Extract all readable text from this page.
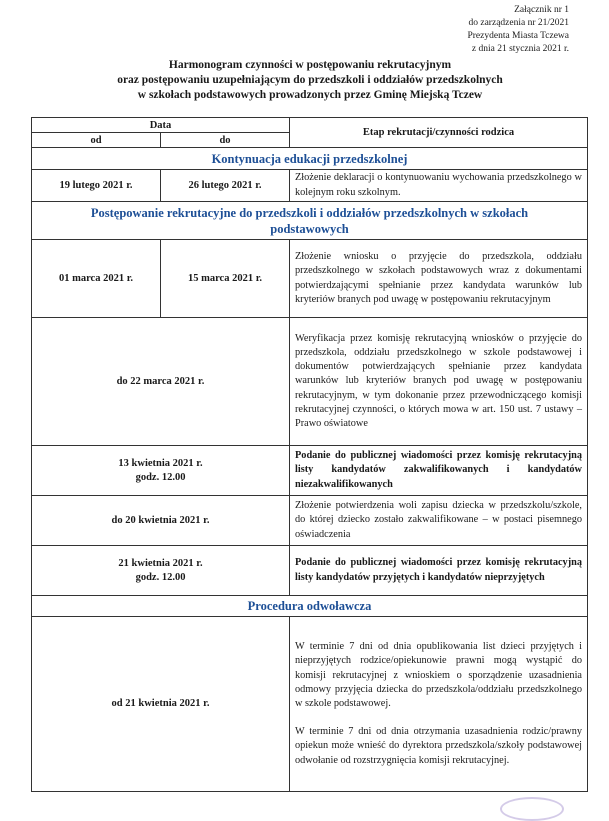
Załącznik nr 1
do zarządzenia nr 21/2021
Prezydenta Miasta Tczewa
z dnia 21 stycznia 2021 r.
Harmonogram czynności w postępowaniu rekrutacyjnym
oraz postępowaniu uzupełniającym do przedszkoli i oddziałów przedszkolnych
w szkołach podstawowych prowadzonych przez Gminę Miejską Tczew
Data		Etap rekrutacji/czynności rodzica
od	do	
Kontynuacja edukacji przedszkolnej		
19 lutego 2021 r.	26 lutego 2021 r.	Złożenie deklaracji o kontynuowaniu wychowania przedszkolnego w kolejnym roku szkolnym.
Postępowanie rekrutacyjne do przedszkoli i oddziałów przedszkolnych w szkołach podstawowych		
01 marca 2021 r.	15 marca 2021 r.	Złożenie wniosku o przyjęcie do przedszkola, oddziału przedszkolnego w szkołach podstawowych wraz z dokumentami potwierdzającymi spełnianie przez kandydata warunków lub kryteriów branych pod uwagę w postępowaniu rekrutacyjnym
do 22 marca 2021 r.		Weryfikacja przez komisję rekrutacyjną wniosków o przyjęcie do przedszkola, oddziału przedszkolnego w szkole podstawowej i dokumentów potwierdzających spełnianie przez kandydata warunków lub kryteriów branych pod uwagę w postępowaniu rekrutacyjnym, w tym dokonanie przez przewodniczącego komisji rekrutacyjnej czynności, o których mowa w art. 150 ust. 7 ustawy – Prawo oświatowe

13 kwietnia 2021 r.
godz. 12.00		Podanie do publicznej wiadomości przez komisję rekrutacyjną listy kandydatów zakwalifikowanych i kandydatów niezakwalifikowanych
do 20 kwietnia 2021 r.		Złożenie potwierdzenia woli zapisu dziecka w przedszkolu/szkole, do której dziecko zostało zakwalifikowane – w postaci pisemnego oświadczenia

21 kwietnia 2021 r.
godz. 12.00		Podanie do publicznej wiadomości przez komisję rekrutacyjną listy kandydatów przyjętych i kandydatów nieprzyjętych
Procedura odwoławcza		
od 21 kwietnia 2021 r.		W terminie 7 dni od dnia opublikowania list dzieci przyjętych i nieprzyjętych rodzice/opiekunowie prawni mogą wystąpić do komisji rekrutacyjnej z wnioskiem o sporządzenie uzasadnienia odmowy przyjęcia dziecka do przedszkola/oddziału przedszkolnego w szkole podstawowej.

W terminie 7 dni od dnia otrzymania uzasadnienia rodzic/prawny opiekun może wnieść do dyrektora przedszkola/szkoły podstawowej odwołanie od rozstrzygnięcia komisji rekrutacyjnej.
